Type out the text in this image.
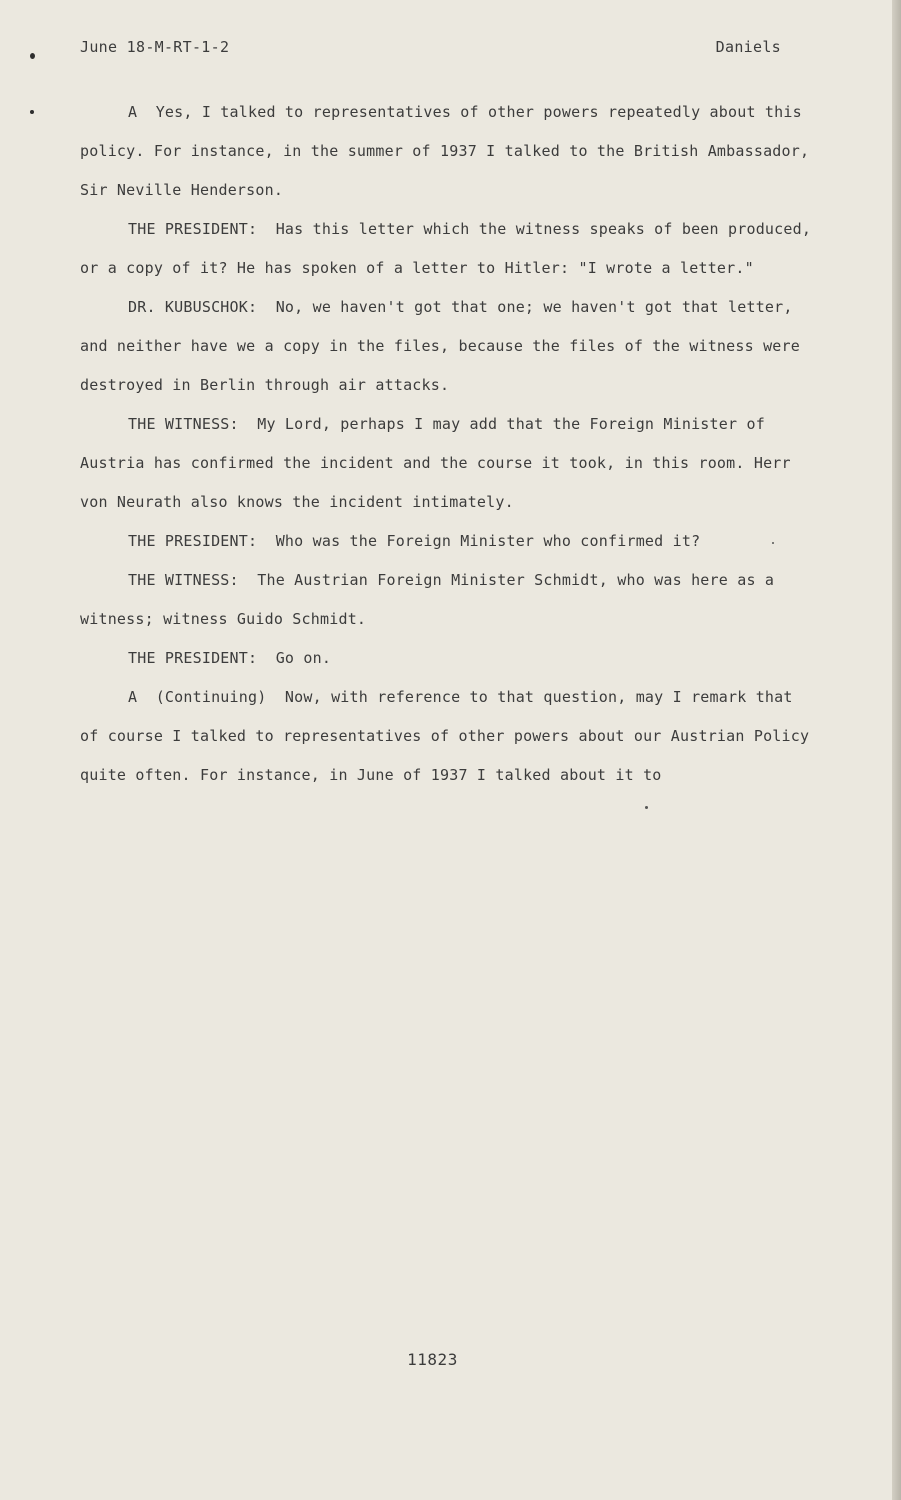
June 18-M-RT-1-2	Daniels
A  Yes, I talked to representatives of other powers repeatedly about this
policy. For instance, in the summer of 1937 I talked to the British Ambassador,
Sir Neville Henderson.
THE PRESIDENT:  Has this letter which the witness speaks of been produced,
or a copy of it? He has spoken of a letter to Hitler: "I wrote a letter."
DR. KUBUSCHOK:  No, we haven't got that one; we haven't got that letter,
and neither have we a copy in the files, because the files of the witness were
destroyed in Berlin through air attacks.
THE WITNESS:  My Lord, perhaps I may add that the Foreign Minister of
Austria has confirmed the incident and the course it took, in this room. Herr
von Neurath also knows the incident intimately.
THE PRESIDENT:  Who was the Foreign Minister who confirmed it?
THE WITNESS:  The Austrian Foreign Minister Schmidt, who was here as a
witness; witness Guido Schmidt.
THE PRESIDENT:  Go on.
A  (Continuing)  Now, with reference to that question, may I remark that
of course I talked to representatives of other powers about our Austrian Policy
quite often. For instance, in June of 1937 I talked about it to
11823
